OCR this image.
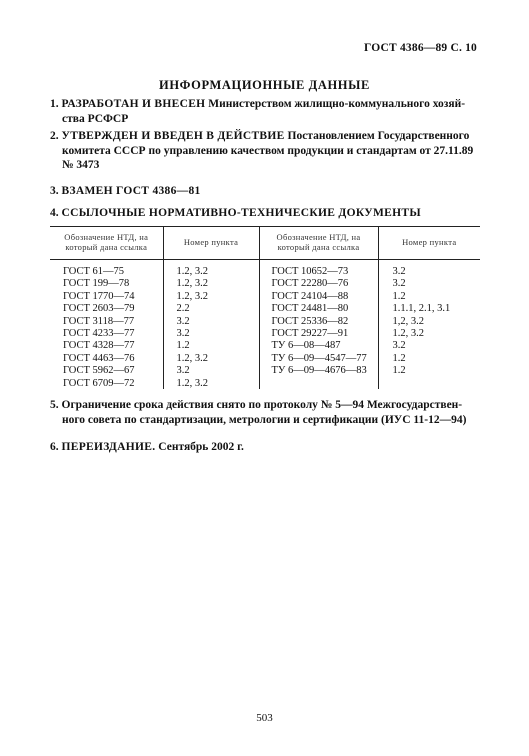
ГОСТ 4386—89 С. 10
ИНФОРМАЦИОННЫЕ ДАННЫЕ
1. РАЗРАБОТАН И ВНЕСЕН Министерством жилищно-коммунального хозяй-
ства РСФСР
2. УТВЕРЖДЕН И ВВЕДЕН В ДЕЙСТВИЕ Постановлением Государственного
комитета СССР по управлению качеством продукции и стандартам от 27.11.89
№ 3473
3. ВЗАМЕН ГОСТ 4386—81
4. ССЫЛОЧНЫЕ НОРМАТИВНО-ТЕХНИЧЕСКИЕ ДОКУМЕНТЫ
Обозначение НТД, на
который дана ссылка	Номер пункта	Обозначение НТД, на
который дана ссылка	Номер пункта
ГОСТ 61—75	1.2, 3.2	ГОСТ 10652—73	3.2
ГОСТ 199—78	1.2, 3.2	ГОСТ 22280—76	3.2
ГОСТ 1770—74	1.2, 3.2	ГОСТ 24104—88	1.2
ГОСТ 2603—79	2.2	ГОСТ 24481—80	1.1.1, 2.1, 3.1
ГОСТ 3118—77	3.2	ГОСТ 25336—82	1,2, 3.2
ГОСТ 4233—77	3.2	ГОСТ 29227—91	1.2, 3.2
ГОСТ 4328—77	1.2	ТУ 6—08—487	3.2
ГОСТ 4463—76	1.2, 3.2	ТУ 6—09—4547—77	1.2
ГОСТ 5962—67	3.2	ТУ 6—09—4676—83	1.2
ГОСТ 6709—72	1.2, 3.2		
5. Ограничение срока действия снято по протоколу № 5—94 Межгосударствен-
ного совета по стандартизации, метрологии и сертификации (ИУС 11-12—94)
6. ПЕРЕИЗДАНИЕ. Сентябрь 2002 г.
503
